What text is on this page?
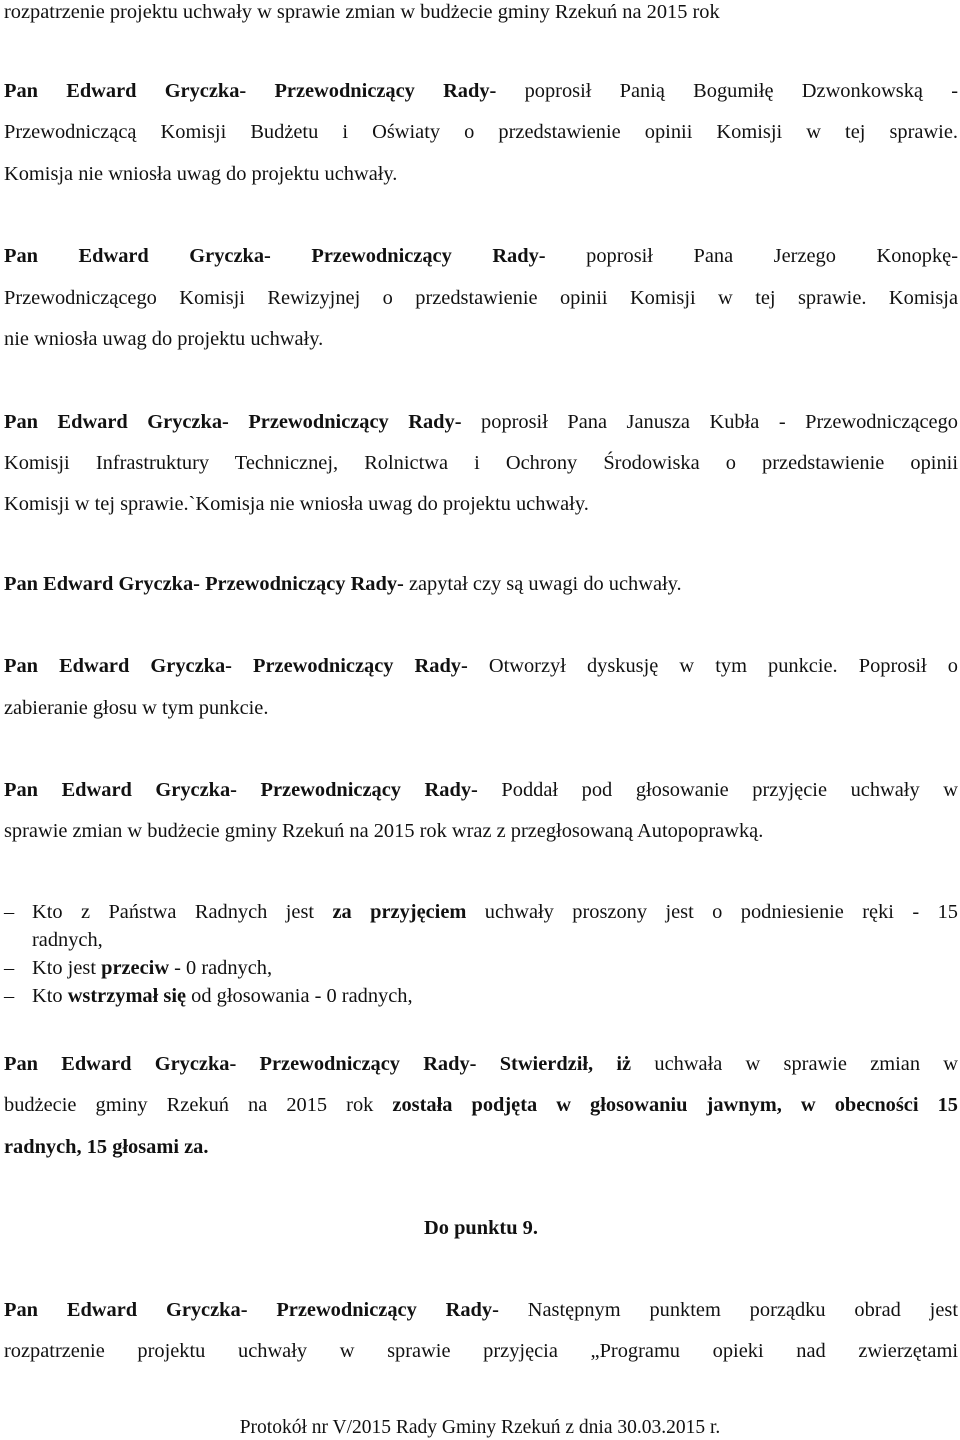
rozpatrzenie projektu uchwały w sprawie zmian w budżecie gminy Rzekuń na 2015 rok
Pan Edward Gryczka- Przewodniczący Rady- poprosił Panią Bogumiłę Dzwonkowską -
Przewodniczącą Komisji Budżetu i Oświaty o przedstawienie opinii Komisji w tej sprawie.
Komisja nie wniosła uwag do projektu uchwały.
Pan Edward Gryczka- Przewodniczący Rady- poprosił Pana Jerzego Konopkę-
Przewodniczącego Komisji Rewizyjnej o przedstawienie opinii Komisji w tej sprawie. Komisja
nie wniosła uwag do projektu uchwały.
Pan Edward Gryczka- Przewodniczący Rady- poprosił Pana Janusza Kubła - Przewodniczącego
Komisji Infrastruktury Technicznej, Rolnictwa i Ochrony Środowiska o przedstawienie opinii
Komisji w tej sprawie.`Komisja nie wniosła uwag do projektu uchwały.
Pan Edward Gryczka- Przewodniczący Rady- zapytał czy są uwagi do uchwały.
Pan Edward Gryczka- Przewodniczący Rady- Otworzył dyskusję w tym punkcie. Poprosił o
zabieranie głosu w tym punkcie.
Pan Edward Gryczka- Przewodniczący Rady- Poddał pod głosowanie przyjęcie uchwały w
sprawie zmian w budżecie gminy Rzekuń na 2015 rok wraz z przegłosowaną Autopoprawką.
– Kto z Państwa Radnych jest za przyjęciem uchwały proszony jest o podniesienie ręki - 15
radnych,
– Kto jest przeciw - 0 radnych,
– Kto wstrzymał się od głosowania - 0 radnych,
Pan Edward Gryczka- Przewodniczący Rady- Stwierdził, iż uchwała w sprawie zmian w
budżecie gminy Rzekuń na 2015 rok została podjęta w głosowaniu jawnym, w obecności 15
radnych, 15 głosami za.
Do punktu 9.
Pan Edward Gryczka- Przewodniczący Rady- Następnym punktem porządku obrad jest
rozpatrzenie projektu uchwały w sprawie przyjęcia „Programu opieki nad zwierzętami
Protokół nr V/2015 Rady Gminy Rzekuń z dnia 30.03.2015 r.
